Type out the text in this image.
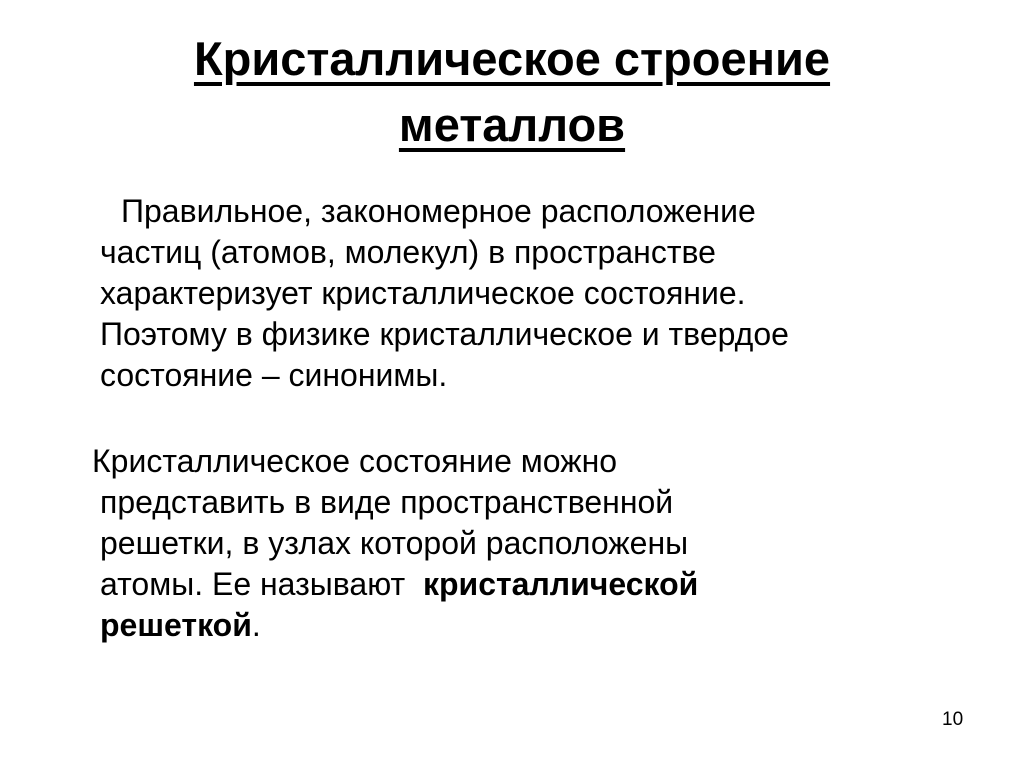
Кристаллическое строение
металлов

Правильное, закономерное расположение
частиц (атомов, молекул) в пространстве
характеризует кристаллическое состояние.
Поэтому в физике кристаллическое и твердое
состояние – синонимы.

Кристаллическое состояние можно
представить в виде пространственной
решетки, в узлах которой расположены
атомы. Ее называют кристаллической
решеткой.

10
